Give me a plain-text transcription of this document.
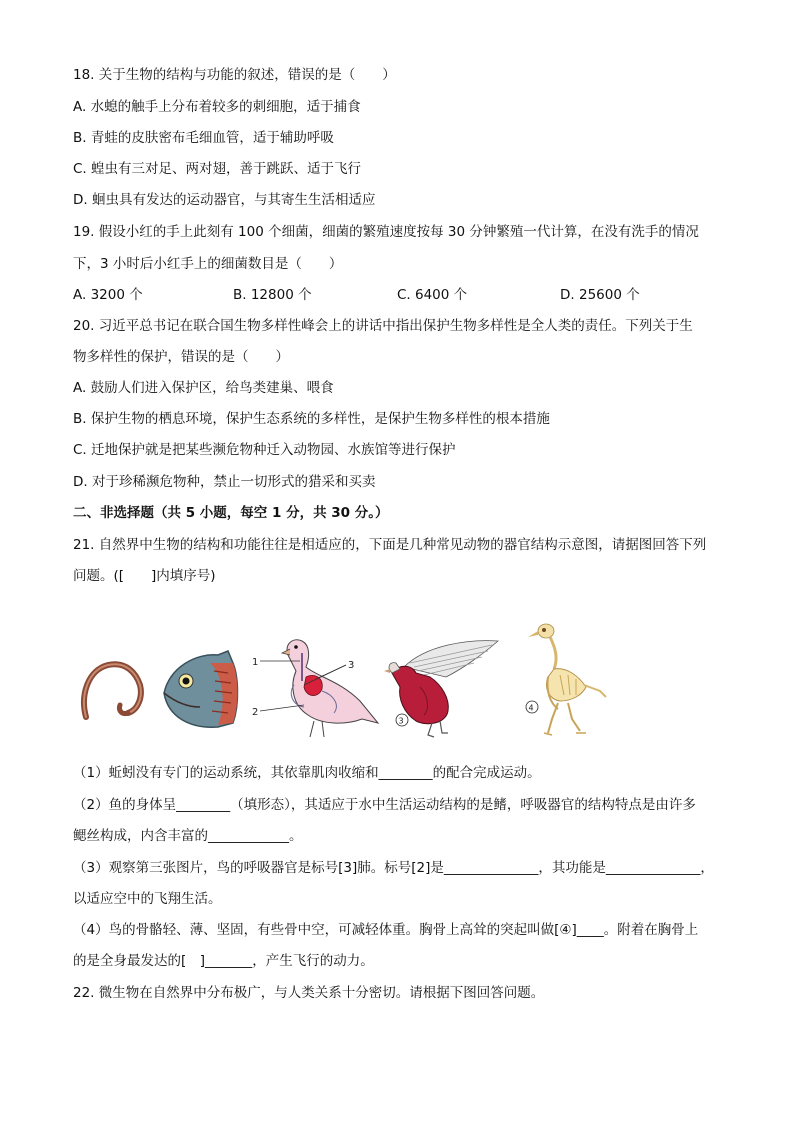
18. 关于生物的结构与功能的叙述，错误的是（　　）
A. 水螅的触手上分布着较多的刺细胞，适于捕食
B. 青蛙的皮肤密布毛细血管，适于辅助呼吸
C. 蝗虫有三对足、两对翅，善于跳跃、适于飞行
D. 蛔虫具有发达的运动器官，与其寄生生活相适应
19. 假设小红的手上此刻有 100 个细菌，细菌的繁殖速度按每 30 分钟繁殖一代计算，在没有洗手的情况
下，3 小时后小红手上的细菌数目是（　　）
A. 3200 个	B. 12800 个	C. 6400 个	D. 25600 个
20. 习近平总书记在联合国生物多样性峰会上的讲话中指出保护生物多样性是全人类的责任。下列关于生
物多样性的保护，错误的是（　　）
A. 鼓励人们进入保护区，给鸟类建巢、喂食
B. 保护生物的栖息环境，保护生态系统的多样性，是保护生物多样性的根本措施
C. 迁地保护就是把某些濒危物种迁入动物园、水族馆等进行保护
D. 对于珍稀濒危物种，禁止一切形式的猎采和买卖
二、非选择题（共 5 小题，每空 1 分，共 30 分。）
21. 自然界中生物的结构和功能往往是相适应的，下面是几种常见动物的器官结构示意图，请据图回答下列
问题。([　　]内填序号)
1
2
3
3
4
（1）蚯蚓没有专门的运动系统，其依靠肌肉收缩和________的配合完成运动。
（2）鱼的身体呈________（填形态），其适应于水中生活运动结构的是鳍，呼吸器官的结构特点是由许多
鳃丝构成，内含丰富的____________。
（3）观察第三张图片，鸟的呼吸器官是标号[3]肺。标号[2]是______________，其功能是______________，
以适应空中的飞翔生活。
（4）鸟的骨骼轻、薄、坚固，有些骨中空，可减轻体重。胸骨上高耸的突起叫做[④]____。附着在胸骨上
的是全身最发达的[　]_______，产生飞行的动力。
22. 微生物在自然界中分布极广，与人类关系十分密切。请根据下图回答问题。
